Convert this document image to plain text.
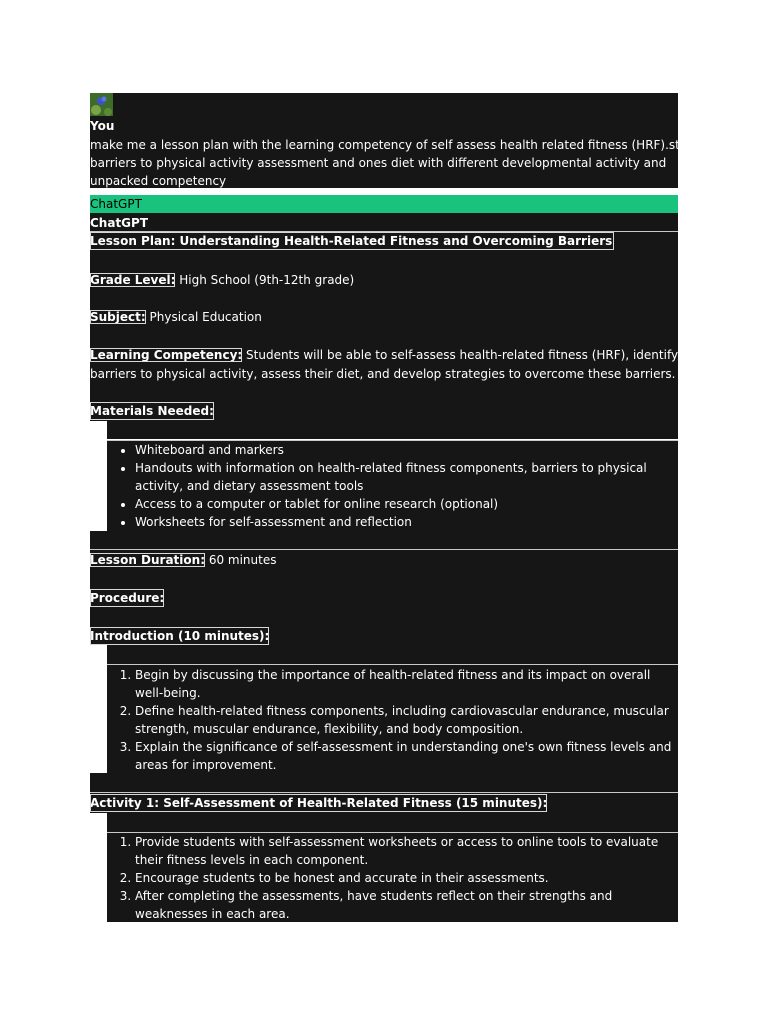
You
make me a lesson plan with the learning competency of self assess health related fitness (HRF).status
barriers to physical activity assessment and ones diet with different developmental activity and
unpacked competency
ChatGPT
ChatGPT
Lesson Plan: Understanding Health-Related Fitness and Overcoming Barriers
Grade Level: High School (9th-12th grade)
Subject: Physical Education
Learning Competency: Students will be able to self-assess health-related fitness (HRF), identify
barriers to physical activity, assess their diet, and develop strategies to overcome these barriers.
Materials Needed:
• Whiteboard and markers
• Handouts with information on health-related fitness components, barriers to physical activity, and dietary assessment tools
• Access to a computer or tablet for online research (optional)
• Worksheets for self-assessment and reflection
Lesson Duration: 60 minutes
Procedure:
Introduction (10 minutes):
1. Begin by discussing the importance of health-related fitness and its impact on overall well-being.
2. Define health-related fitness components, including cardiovascular endurance, muscular strength, muscular endurance, flexibility, and body composition.
3. Explain the significance of self-assessment in understanding one's own fitness levels and areas for improvement.
Activity 1: Self-Assessment of Health-Related Fitness (15 minutes):
1. Provide students with self-assessment worksheets or access to online tools to evaluate their fitness levels in each component.
2. Encourage students to be honest and accurate in their assessments.
3. After completing the assessments, have students reflect on their strengths and weaknesses in each area.
